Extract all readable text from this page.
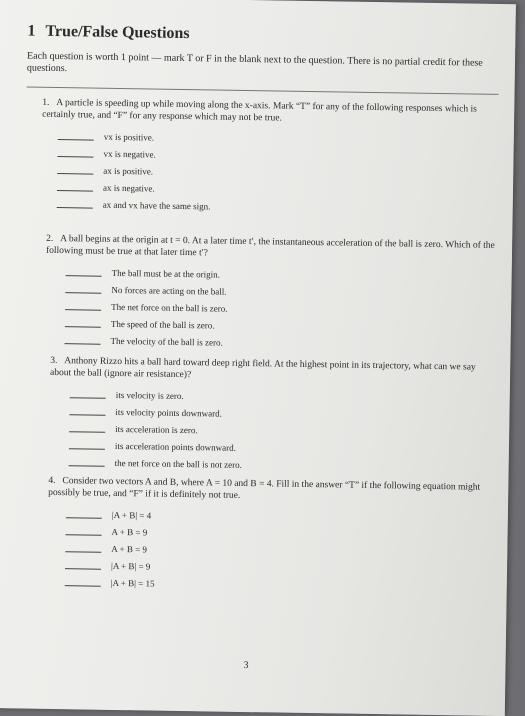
1 True/False Questions
Each question is worth 1 point — mark T or F in the blank next to the question. There is no partial credit for these questions.
1. A particle is speeding up while moving along the x-axis. Mark “T” for any of the following responses which is certainly true, and “F” for any response which may not be true.
vx is positive.
vx is negative.
ax is positive.
ax is negative.
ax and vx have the same sign.
2. A ball begins at the origin at t = 0. At a later time t′, the instantaneous acceleration of the ball is zero. Which of the following must be true at that later time t′?
The ball must be at the origin.
No forces are acting on the ball.
The net force on the ball is zero.
The speed of the ball is zero.
The velocity of the ball is zero.
3. Anthony Rizzo hits a ball hard toward deep right field. At the highest point in its trajectory, what can we say about the ball (ignore air resistance)?
its velocity is zero.
its velocity points downward.
its acceleration is zero.
its acceleration points downward.
the net force on the ball is not zero.
4. Consider two vectors A and B, where A = 10 and B = 4. Fill in the answer “T” if the following equation might possibly be true, and “F” if it is definitely not true.
|A + B| = 4
A + B = 9
A + B = 9
|A + B| = 9
|A + B| = 15
3
